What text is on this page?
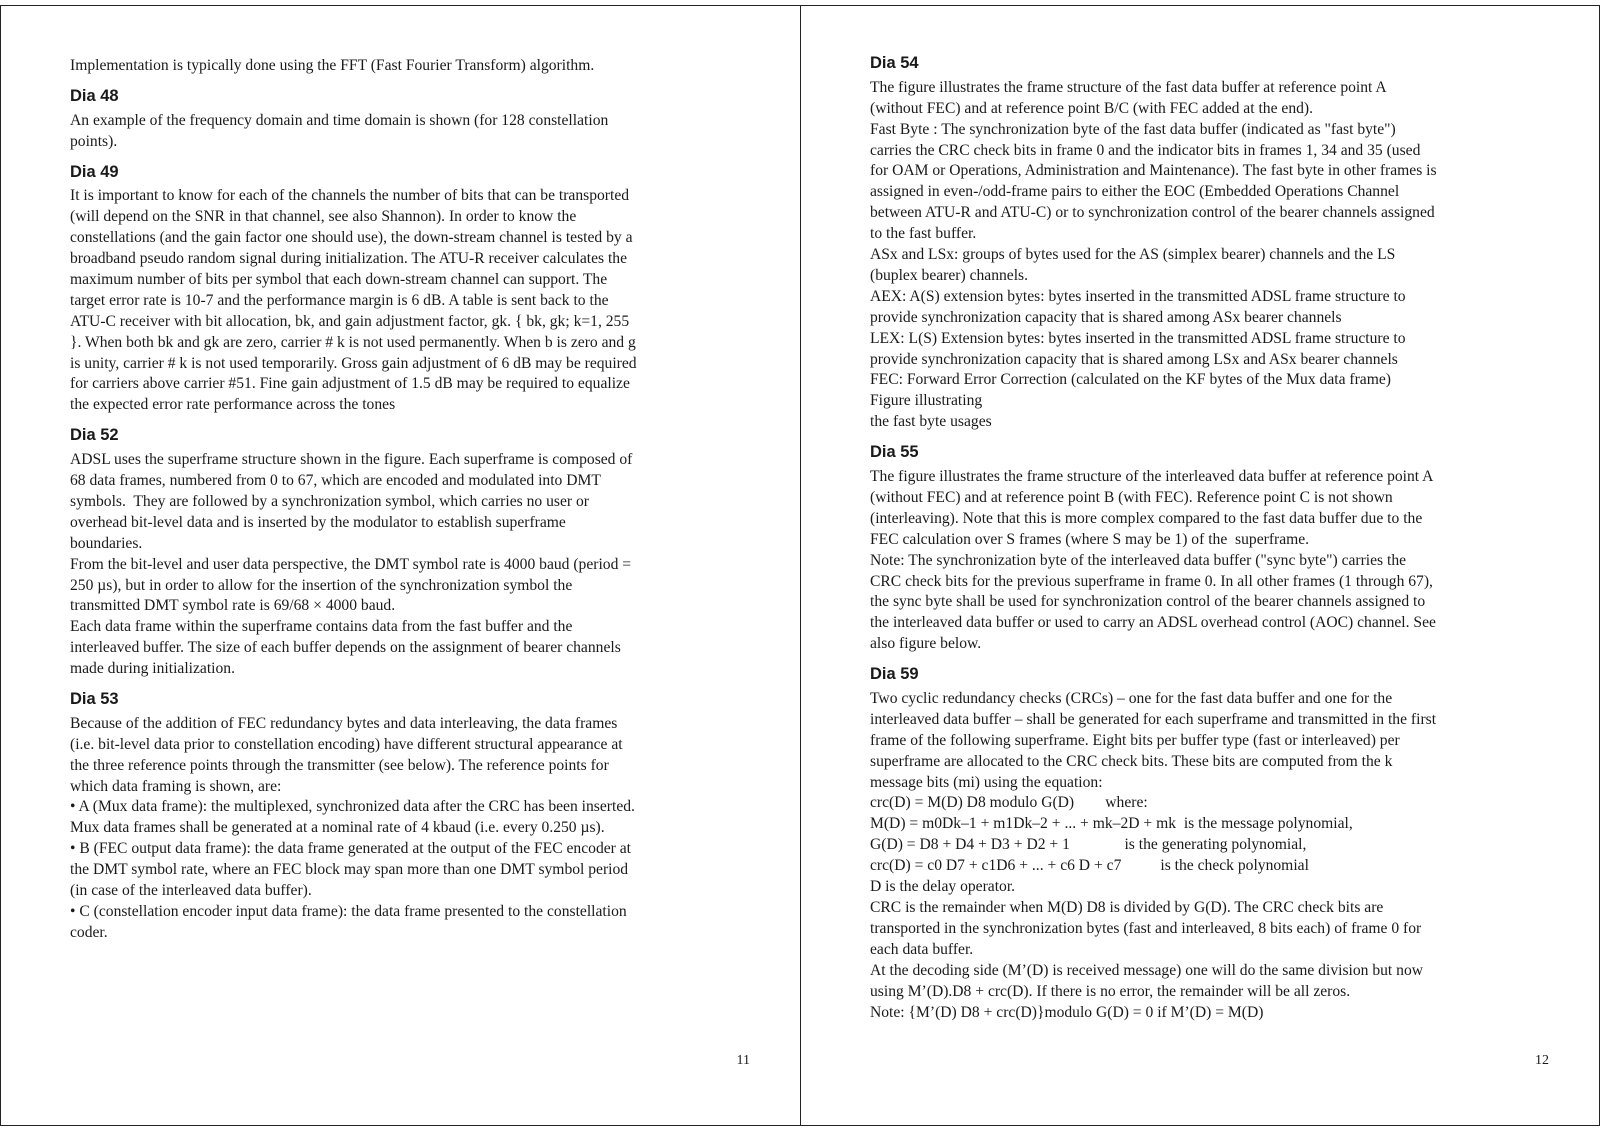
Implementation is typically done using the FFT (Fast Fourier Transform) algorithm.

Dia 48

An example of the frequency domain and time domain is shown (for 128 constellation
points).

Dia 49

It is important to know for each of the channels the number of bits that can be transported
(will depend on the SNR in that channel, see also Shannon). In order to know the
constellations (and the gain factor one should use), the down-stream channel is tested by a
broadband pseudo random signal during initialization. The ATU-R receiver calculates the
maximum number of bits per symbol that each down-stream channel can support. The
target error rate is 10-7 and the performance margin is 6 dB. A table is sent back to the
ATU-C receiver with bit allocation, bk, and gain adjustment factor, gk. { bk, gk; k=1, 255
}. When both bk and gk are zero, carrier # k is not used permanently. When b is zero and g
is unity, carrier # k is not used temporarily. Gross gain adjustment of 6 dB may be required
for carriers above carrier #51. Fine gain adjustment of 1.5 dB may be required to equalize
the expected error rate performance across the tones

Dia 52

ADSL uses the superframe structure shown in the figure. Each superframe is composed of
68 data frames, numbered from 0 to 67, which are encoded and modulated into DMT
symbols.  They are followed by a synchronization symbol, which carries no user or
overhead bit-level data and is inserted by the modulator to establish superframe
boundaries.
From the bit-level and user data perspective, the DMT symbol rate is 4000 baud (period =
250 µs), but in order to allow for the insertion of the synchronization symbol the
transmitted DMT symbol rate is 69/68 × 4000 baud.
Each data frame within the superframe contains data from the fast buffer and the
interleaved buffer. The size of each buffer depends on the assignment of bearer channels
made during initialization.

Dia 53

Because of the addition of FEC redundancy bytes and data interleaving, the data frames
(i.e. bit-level data prior to constellation encoding) have different structural appearance at
the three reference points through the transmitter (see below). The reference points for
which data framing is shown, are:
• A (Mux data frame): the multiplexed, synchronized data after the CRC has been inserted.
Mux data frames shall be generated at a nominal rate of 4 kbaud (i.e. every 0.250 µs).
• B (FEC output data frame): the data frame generated at the output of the FEC encoder at
the DMT symbol rate, where an FEC block may span more than one DMT symbol period
(in case of the interleaved data buffer).
• C (constellation encoder input data frame): the data frame presented to the constellation
coder.

11
Dia 54

The figure illustrates the frame structure of the fast data buffer at reference point A
(without FEC) and at reference point B/C (with FEC added at the end).
Fast Byte : The synchronization byte of the fast data buffer (indicated as "fast byte")
carries the CRC check bits in frame 0 and the indicator bits in frames 1, 34 and 35 (used
for OAM or Operations, Administration and Maintenance). The fast byte in other frames is
assigned in even-/odd-frame pairs to either the EOC (Embedded Operations Channel
between ATU-R and ATU-C) or to synchronization control of the bearer channels assigned
to the fast buffer.
ASx and LSx: groups of bytes used for the AS (simplex bearer) channels and the LS
(buplex bearer) channels.
AEX: A(S) extension bytes: bytes inserted in the transmitted ADSL frame structure to
provide synchronization capacity that is shared among ASx bearer channels
LEX: L(S) Extension bytes: bytes inserted in the transmitted ADSL frame structure to
provide synchronization capacity that is shared among LSx and ASx bearer channels
FEC: Forward Error Correction (calculated on the KF bytes of the Mux data frame)
Figure illustrating
the fast byte usages

Dia 55

The figure illustrates the frame structure of the interleaved data buffer at reference point A
(without FEC) and at reference point B (with FEC). Reference point C is not shown
(interleaving). Note that this is more complex compared to the fast data buffer due to the
FEC calculation over S frames (where S may be 1) of the  superframe.
Note: The synchronization byte of the interleaved data buffer ("sync byte") carries the
CRC check bits for the previous superframe in frame 0. In all other frames (1 through 67),
the sync byte shall be used for synchronization control of the bearer channels assigned to
the interleaved data buffer or used to carry an ADSL overhead control (AOC) channel. See
also figure below.

Dia 59

Two cyclic redundancy checks (CRCs) – one for the fast data buffer and one for the
interleaved data buffer – shall be generated for each superframe and transmitted in the first
frame of the following superframe. Eight bits per buffer type (fast or interleaved) per
superframe are allocated to the CRC check bits. These bits are computed from the k
message bits (mi) using the equation:
crc(D) = M(D) D8 modulo G(D)        where:
M(D) = m0Dk–1 + m1Dk–2 + ... + mk–2D + mk  is the message polynomial,
G(D) = D8 + D4 + D3 + D2 + 1              is the generating polynomial,
crc(D) = c0 D7 + c1D6 + ... + c6 D + c7          is the check polynomial
D is the delay operator.
CRC is the remainder when M(D) D8 is divided by G(D). The CRC check bits are
transported in the synchronization bytes (fast and interleaved, 8 bits each) of frame 0 for
each data buffer.
At the decoding side (M’(D) is received message) one will do the same division but now
using M’(D).D8 + crc(D). If there is no error, the remainder will be all zeros.
Note: {M’(D) D8 + crc(D)}modulo G(D) = 0 if M’(D) = M(D)

12
